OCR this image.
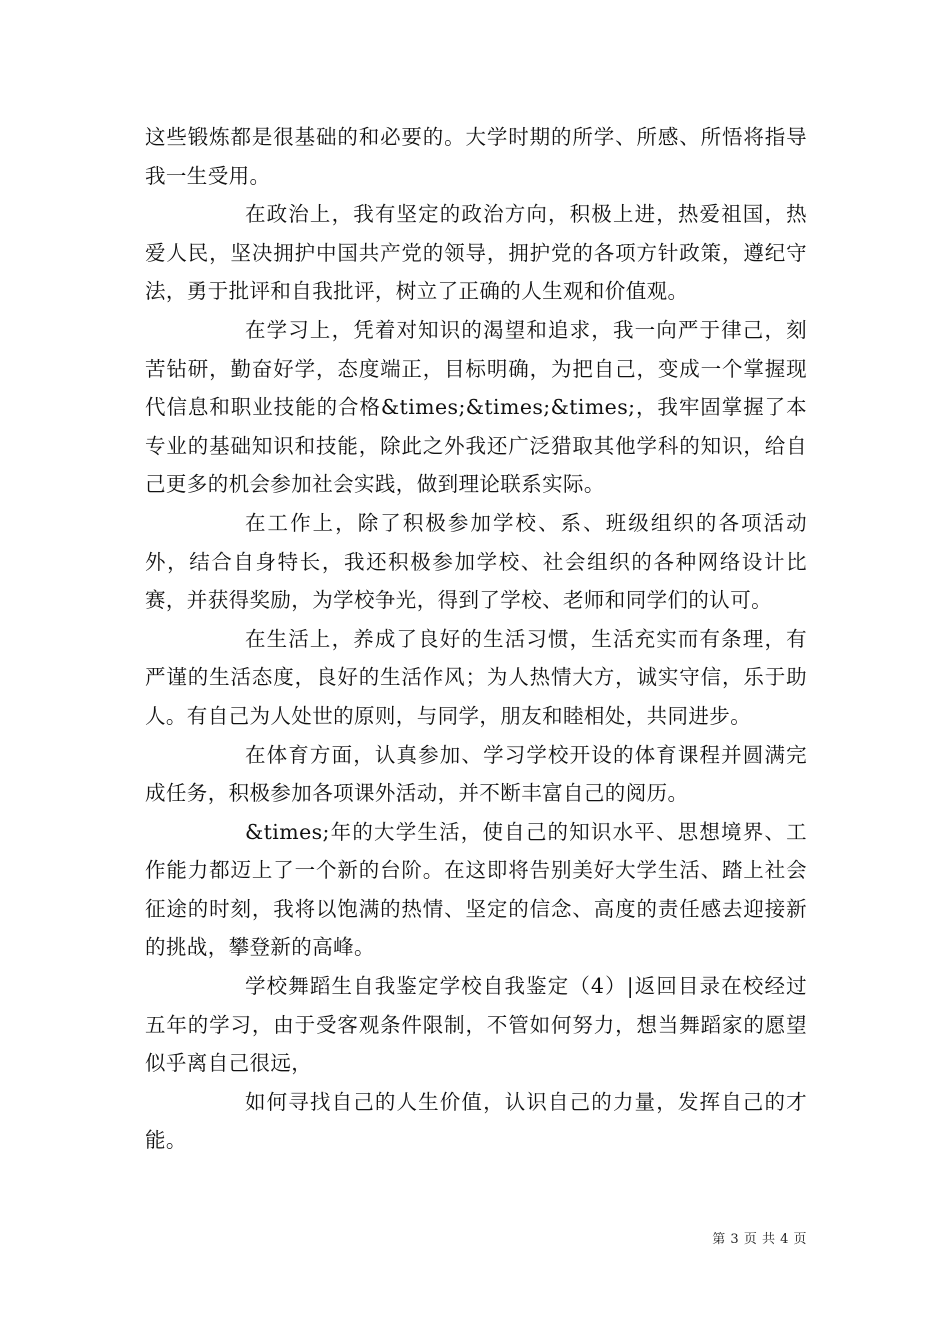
这些锻炼都是很基础的和必要的。大学时期的所学、所感、所悟将指导我一生受用。

在政治上，我有坚定的政治方向，积极上进，热爱祖国，热爱人民，坚决拥护中国共产党的领导，拥护党的各项方针政策，遵纪守法，勇于批评和自我批评，树立了正确的人生观和价值观。

在学习上，凭着对知识的渴望和追求，我一向严于律己，刻苦钻研，勤奋好学，态度端正，目标明确，为把自己，变成一个掌握现代信息和职业技能的合格&times;&times;&times;，我牢固掌握了本专业的基础知识和技能，除此之外我还广泛猎取其他学科的知识，给自己更多的机会参加社会实践，做到理论联系实际。

在工作上，除了积极参加学校、系、班级组织的各项活动外，结合自身特长，我还积极参加学校、社会组织的各种网络设计比赛，并获得奖励，为学校争光，得到了学校、老师和同学们的认可。

在生活上，养成了良好的生活习惯，生活充实而有条理，有严谨的生活态度，良好的生活作风；为人热情大方，诚实守信，乐于助人。有自己为人处世的原则，与同学，朋友和睦相处，共同进步。

在体育方面，认真参加、学习学校开设的体育课程并圆满完成任务，积极参加各项课外活动，并不断丰富自己的阅历。

&times;年的大学生活，使自己的知识水平、思想境界、工作能力都迈上了一个新的台阶。在这即将告别美好大学生活、踏上社会征途的时刻，我将以饱满的热情、坚定的信念、高度的责任感去迎接新的挑战，攀登新的高峰。

学校舞蹈生自我鉴定学校自我鉴定（4）|返回目录在校经过五年的学习，由于受客观条件限制，不管如何努力，想当舞蹈家的愿望似乎离自己很远，

如何寻找自己的人生价值，认识自己的力量，发挥自己的才能。

第 3 页 共 4 页
